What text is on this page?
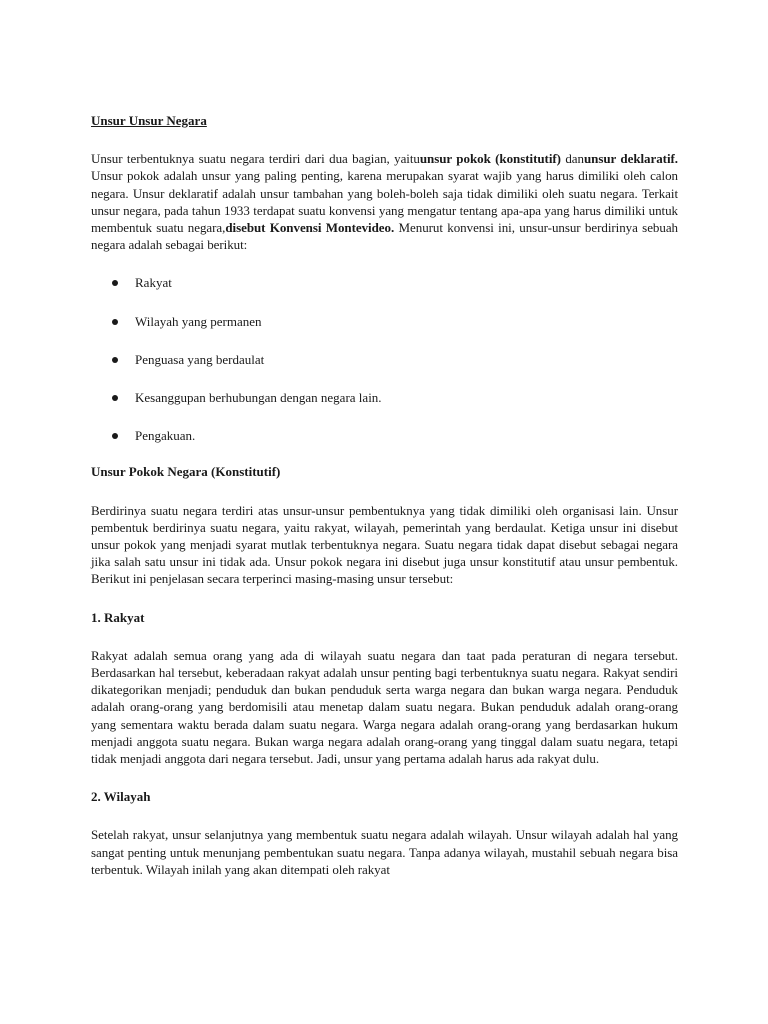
Unsur Unsur Negara

Unsur terbentuknya suatu negara terdiri dari dua bagian, yaituunsur pokok (konstitutif) danunsur deklaratif. Unsur pokok adalah unsur yang paling penting, karena merupakan syarat wajib yang harus dimiliki oleh calon negara. Unsur deklaratif adalah unsur tambahan yang boleh-boleh saja tidak dimiliki oleh suatu negara. Terkait unsur negara, pada tahun 1933 terdapat suatu konvensi yang mengatur tentang apa-apa yang harus dimiliki untuk membentuk suatu negara,disebut Konvensi Montevideo. Menurut konvensi ini, unsur-unsur berdirinya sebuah negara adalah sebagai berikut:

Rakyat
Wilayah yang permanen
Penguasa yang berdaulat
Kesanggupan berhubungan dengan negara lain.
Pengakuan.
Unsur Pokok Negara (Konstitutif)

Berdirinya suatu negara terdiri atas unsur-unsur pembentuknya yang tidak dimiliki oleh organisasi lain. Unsur pembentuk berdirinya suatu negara, yaitu rakyat, wilayah, pemerintah yang berdaulat. Ketiga unsur ini disebut unsur pokok yang menjadi syarat mutlak terbentuknya negara. Suatu negara tidak dapat disebut sebagai negara jika salah satu unsur ini tidak ada. Unsur pokok negara ini disebut juga unsur konstitutif atau unsur pembentuk. Berikut ini penjelasan secara terperinci masing-masing unsur tersebut:

1. Rakyat

Rakyat adalah semua orang yang ada di wilayah suatu negara dan taat pada peraturan di negara tersebut. Berdasarkan hal tersebut, keberadaan rakyat adalah unsur penting bagi terbentuknya suatu negara. Rakyat sendiri dikategorikan menjadi; penduduk dan bukan penduduk serta warga negara dan bukan warga negara. Penduduk adalah orang-orang yang berdomisili atau menetap dalam suatu negara. Bukan penduduk adalah orang-orang yang sementara waktu berada dalam suatu negara. Warga negara adalah orang-orang yang berdasarkan hukum menjadi anggota suatu negara. Bukan warga negara adalah orang-orang yang tinggal dalam suatu negara, tetapi tidak menjadi anggota dari negara tersebut. Jadi, unsur yang pertama adalah harus ada rakyat dulu.

2. Wilayah

Setelah rakyat, unsur selanjutnya yang membentuk suatu negara adalah wilayah. Unsur wilayah adalah hal yang sangat penting untuk menunjang pembentukan suatu negara. Tanpa adanya wilayah, mustahil sebuah negara bisa terbentuk. Wilayah inilah yang akan ditempati oleh rakyat
